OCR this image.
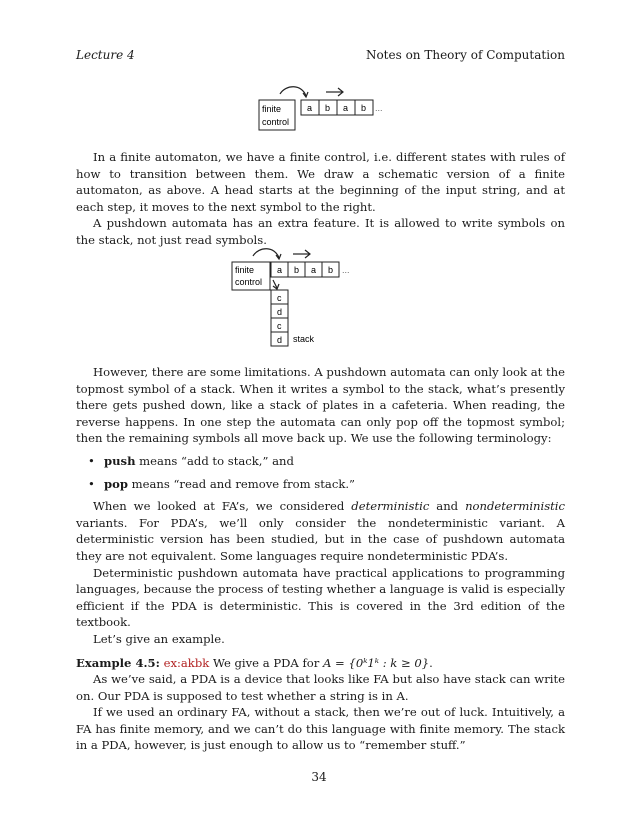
Lecture 4	Notes on Theory of Computation
finite
control
a b a b ...

In a finite automaton, we have a finite control, i.e. different states with rules of how to transition between them. We draw a schematic version of a finite automaton, as above. A head starts at the beginning of the input string, and at each step, it moves to the next symbol to the right.

A pushdown automata has an extra feature. It is allowed to write symbols on the stack, not just read symbols.

finite
control
a b a b ...
c
d
c
d stack

However, there are some limitations. A pushdown automata can only look at the topmost symbol of a stack. When it writes a symbol to the stack, what’s presently there gets pushed down, like a stack of plates in a cafeteria. When reading, the reverse happens. In one step the automata can only pop off the topmost symbol; then the remaining symbols all move back up. We use the following terminology:

• push means “add to stack,” and
• pop means “read and remove from stack.”

When we looked at FA’s, we considered deterministic and nondeterministic variants. For PDA’s, we’ll only consider the nondeterministic variant. A deterministic version has been studied, but in the case of pushdown automata they are not equivalent. Some languages require nondeterministic PDA’s.

Deterministic pushdown automata have practical applications to programming languages, because the process of testing whether a language is valid is especially efficient if the PDA is deterministic. This is covered in the 3rd edition of the textbook.

Let’s give an example.

Example 4.5: ex:akbk We give a PDA for A = {0ᵏ1ᵏ : k ≥ 0}.

As we’ve said, a PDA is a device that looks like FA but also have stack can write on. Our PDA is supposed to test whether a string is in A.

If we used an ordinary FA, without a stack, then we’re out of luck. Intuitively, a FA has finite memory, and we can’t do this language with finite memory. The stack in a PDA, however, is just enough to allow us to “remember stuff.”

34
